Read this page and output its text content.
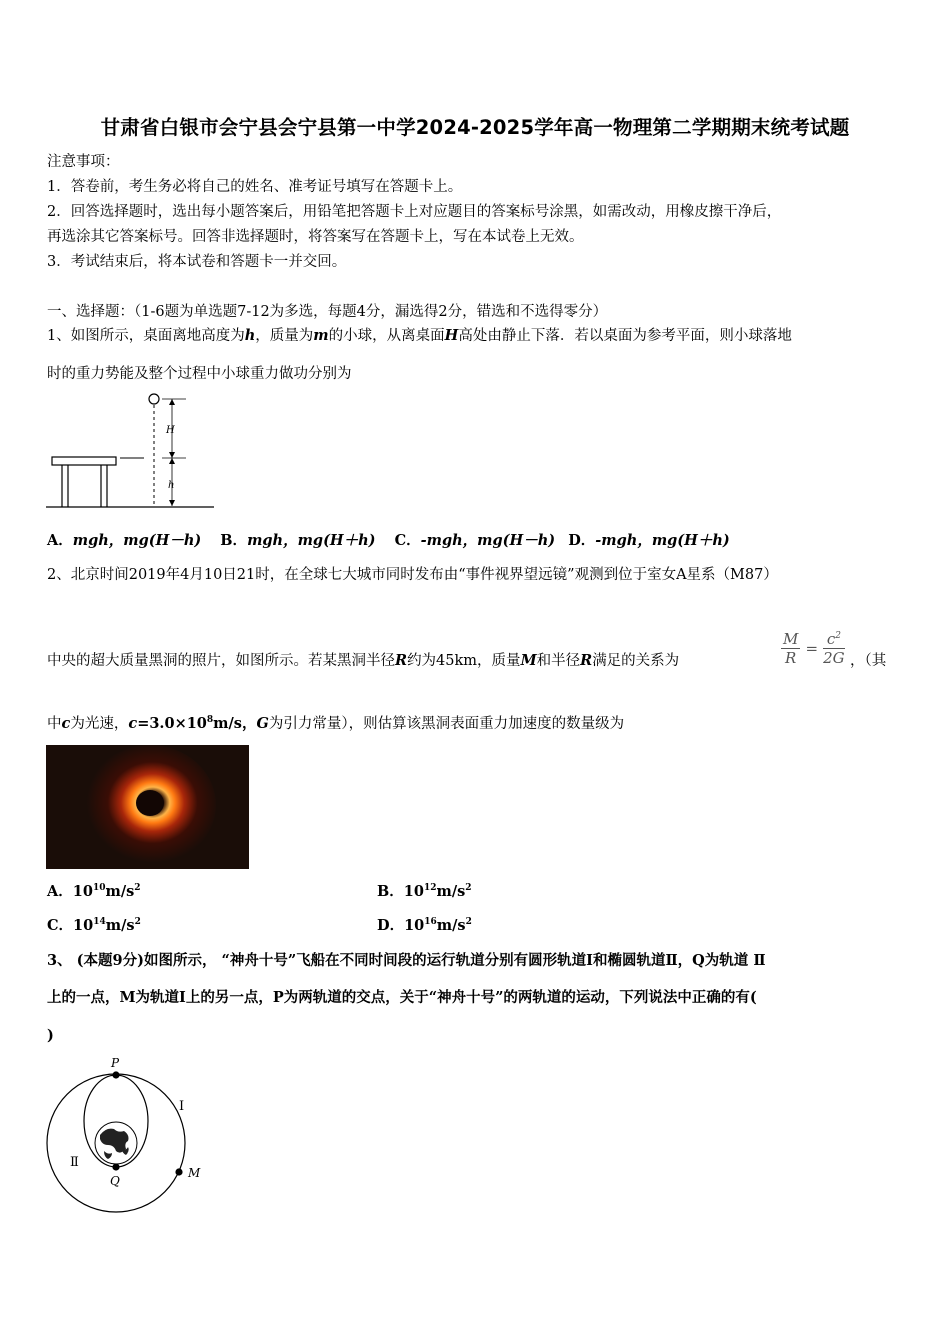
甘肃省白银市会宁县会宁县第一中学2024-2025学年高一物理第二学期期末统考试题
注意事项：
1．答卷前，考生务必将自己的姓名、准考证号填写在答题卡上。
2．回答选择题时，选出每小题答案后，用铅笔把答题卡上对应题目的答案标号涂黑，如需改动，用橡皮擦干净后，
再选涂其它答案标号。回答非选择题时，将答案写在答题卡上，写在本试卷上无效。
3．考试结束后，将本试卷和答题卡一并交回。
一、选择题：（1-6题为单选题7-12为多选，每题4分，漏选得2分，错选和不选得零分）
1、如图所示，桌面离地高度为h，质量为m的小球，从离桌面H高处由静止下落．若以桌面为参考平面，则小球落地
时的重力势能及整个过程中小球重力做功分别为
H
h
A．mgh，mg(H－h) B．mgh，mg(H＋h) C．-mgh，mg(H－h) D．-mgh，mg(H＋h)
2、北京时间2019年4月10日21时，在全球七大城市同时发布由“事件视界望远镜”观测到位于室女A星系（M87）
中央的超大质量黑洞的照片，如图所示。若某黑洞半径R约为45km，质量M和半径R满足的关系为	$\frac{M}{R} = \frac{c^2}{2G}$ ，（其
中c为光速，$c=3.0\times 10^8m/s$，G为引力常量），则估算该黑洞表面重力加速度的数量级为
A．$10^{10}m/s^2$	B．$10^{12}m/s^2$
C．$10^{14}m/s^2$	D．$10^{16}m/s^2$
3、 (本题9分)如图所示， “神舟十号”飞船在不同时间段的运行轨道分别有圆形轨道Ⅰ和椭圆轨道Ⅱ，Q为轨道 Ⅱ
上的一点，M为轨道Ⅰ上的另一点，P为两轨道的交点，关于“神舟十号”的两轨道的运动，下列说法中正确的有(
)
P
Q
M
Ⅰ
Ⅱ
